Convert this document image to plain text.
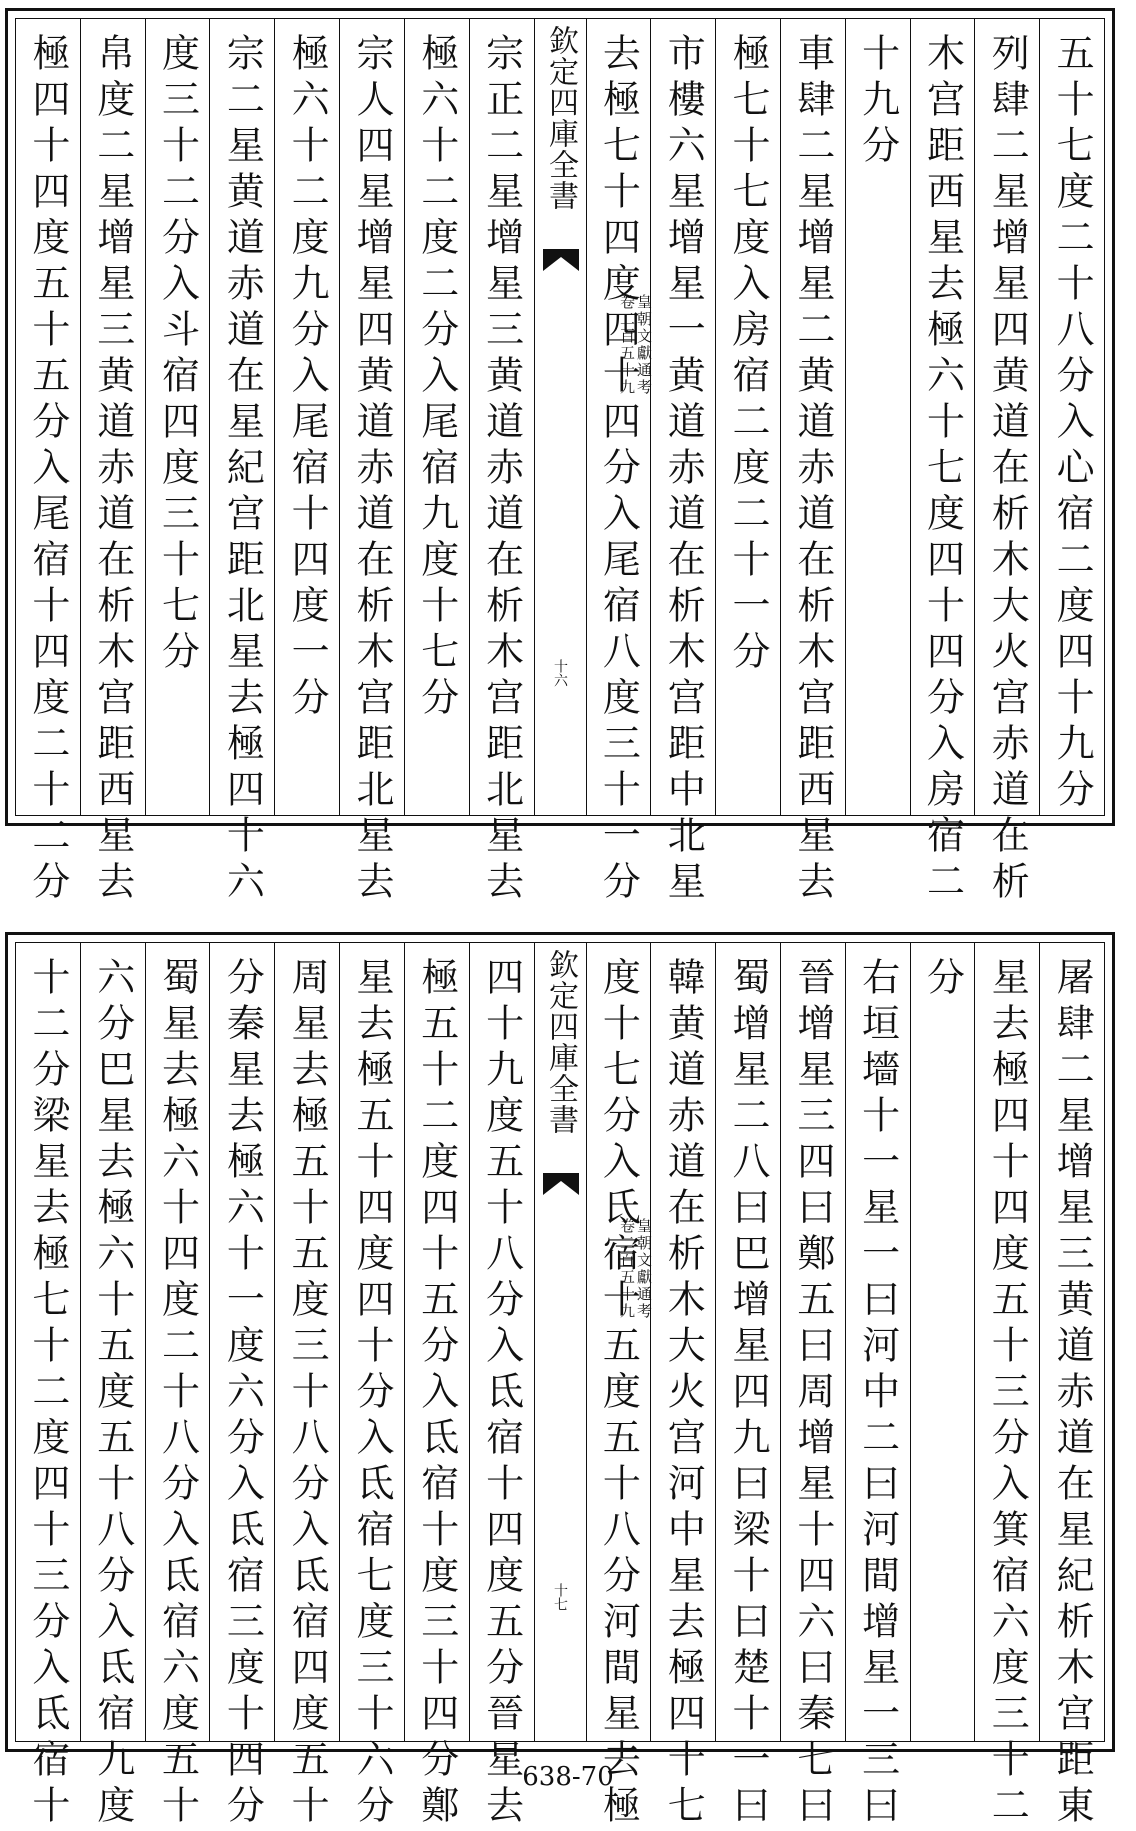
五十七度二十八分入心宿二度四十九分
列肆二星增星四黄道在析木大火宫赤道在析
木宫距西星去極六十七度四十四分入房宿二
十九分
車肆二星增星二黄道赤道在析木宫距西星去
極七十七度入房宿二度二十一分
市樓六星增星一黄道赤道在析木宫距中北星
去極七十四度四十四分入尾宿八度三十一分
欽定四庫全書
皇朝文獻通考
卷二百五十九
十六
宗正二星增星三黄道赤道在析木宫距北星去
極六十二度二分入尾宿九度十七分
宗人四星增星四黄道赤道在析木宫距北星去
極六十二度九分入尾宿十四度一分
宗二星黄道赤道在星紀宫距北星去極四十六
度三十二分入斗宿四度三十七分
帛度二星增星三黄道赤道在析木宫距西星去
極四十四度五十五分入尾宿十四度二十二分
屠肆二星增星三黄道赤道在星紀析木宫距東
星去極四十四度五十三分入箕宿六度三十二
分
右垣墻十一星一曰河中二曰河間增星一三曰
晉增星三四曰鄭五曰周增星十四六曰秦七曰
蜀增星二八曰巴增星四九曰梁十曰楚十一曰
韓黄道赤道在析木大火宫河中星去極四十七
度十七分入氐宿十五度五十八分河間星去極
欽定四庫全書
皇朝文獻通考
卷二百五十九
十七
四十九度五十八分入氐宿十四度五分晉星去
極五十二度四十五分入氐宿十度三十四分鄭
星去極五十四度四十分入氐宿七度三十六分
周星去極五十五度三十八分入氐宿四度五十
分秦星去極六十一度六分入氐宿三度十四分
蜀星去極六十四度二十八分入氐宿六度五十
六分巴星去極六十五度五十八分入氐宿九度
十二分梁星去極七十二度四十三分入氐宿十	638-70
